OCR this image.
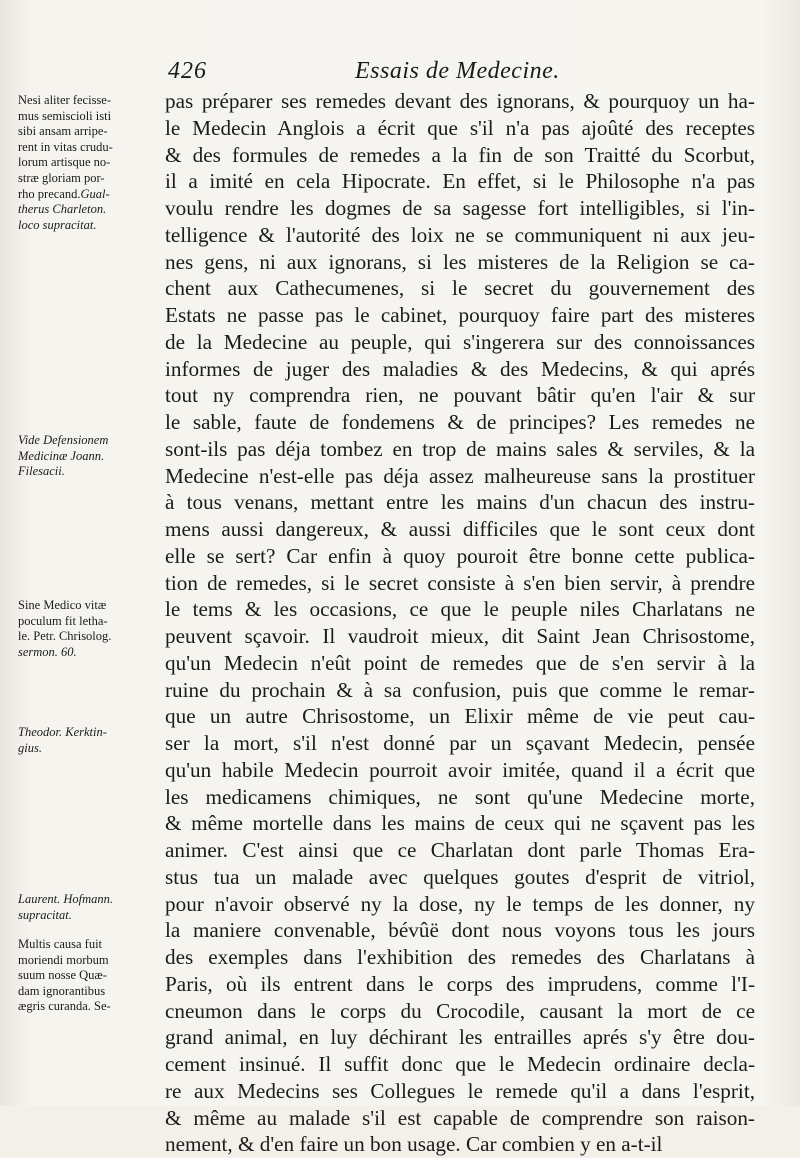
426	Essais de Medecine.
pas préparer ses remedes devant des ignorans, & pourquoy un ha-
le Medecin Anglois a écrit que s'il n'a pas ajoûté des receptes
& des formules de remedes a la fin de son Traitté du Scorbut,
il a imité en cela Hipocrate. En effet, si le Philosophe n'a pas
voulu rendre les dogmes de sa sagesse fort intelligibles, si l'in-
telligence & l'autorité des loix ne se communiquent ni aux jeu-
nes gens, ni aux ignorans, si les misteres de la Religion se ca-
chent aux Cathecumenes, si le secret du gouvernement des
Estats ne passe pas le cabinet, pourquoy faire part des misteres
de la Medecine au peuple, qui s'ingerera sur des connoissances
informes de juger des maladies & des Medecins, & qui aprés
tout ny comprendra rien, ne pouvant bâtir qu'en l'air & sur
le sable, faute de fondemens & de principes? Les remedes ne
sont-ils pas déja tombez en trop de mains sales & serviles, & la
Medecine n'est-elle pas déja assez malheureuse sans la prostituer
à tous venans, mettant entre les mains d'un chacun des instru-
mens aussi dangereux, & aussi difficiles que le sont ceux dont
elle se sert? Car enfin à quoy pouroit être bonne cette publica-
tion de remedes, si le secret consiste à s'en bien servir, à prendre
le tems & les occasions, ce que le peuple niles Charlatans ne
peuvent sçavoir. Il vaudroit mieux, dit Saint Jean Chrisostome,
qu'un Medecin n'eût point de remedes que de s'en servir à la
ruine du prochain & à sa confusion, puis que comme le remar-
que un autre Chrisostome, un Elixir même de vie peut cau-
ser la mort, s'il n'est donné par un sçavant Medecin, pensée
qu'un habile Medecin pourroit avoir imitée, quand il a écrit que
les medicamens chimiques, ne sont qu'une Medecine morte,
& même mortelle dans les mains de ceux qui ne sçavent pas les
animer. C'est ainsi que ce Charlatan dont parle Thomas Era-
stus tua un malade avec quelques goutes d'esprit de vitriol,
pour n'avoir observé ny la dose, ny le temps de les donner, ny
la maniere convenable, bévûë dont nous voyons tous les jours
des exemples dans l'exhibition des remedes des Charlatans à
Paris, où ils entrent dans le corps des imprudens, comme l'I-
cneumon dans le corps du Crocodile, causant la mort de ce
grand animal, en luy déchirant les entrailles aprés s'y être dou-
cement insinué. Il suffit donc que le Medecin ordinaire decla-
re aux Medecins ses Collegues le remede qu'il a dans l'esprit,
& même au malade s'il est capable de comprendre son raison-
nement, & d'en faire un bon usage. Car combien y en a-t-il
Nesi aliter fecisse-
mus semiscioli isti
sibi ansam arripe-
rent in vitas crudu-
lorum artisque no-
stræ gloriam por-
rho precand.Gual-
therus Charleton.
loco supracitat.
Vide Defensionem
Medicinæ Joann.
Filesacii.
Sine Medico vitæ
poculum fit letha-
le. Petr. Chrisolog.
sermon. 60.
Theodor. Kerktin-
gius.
Laurent. Hofmann.
supracitat.
Multis causa fuit
moriendi morbum
suum nosse Quæ-
dam ignorantibus
ægris curanda. Se-
